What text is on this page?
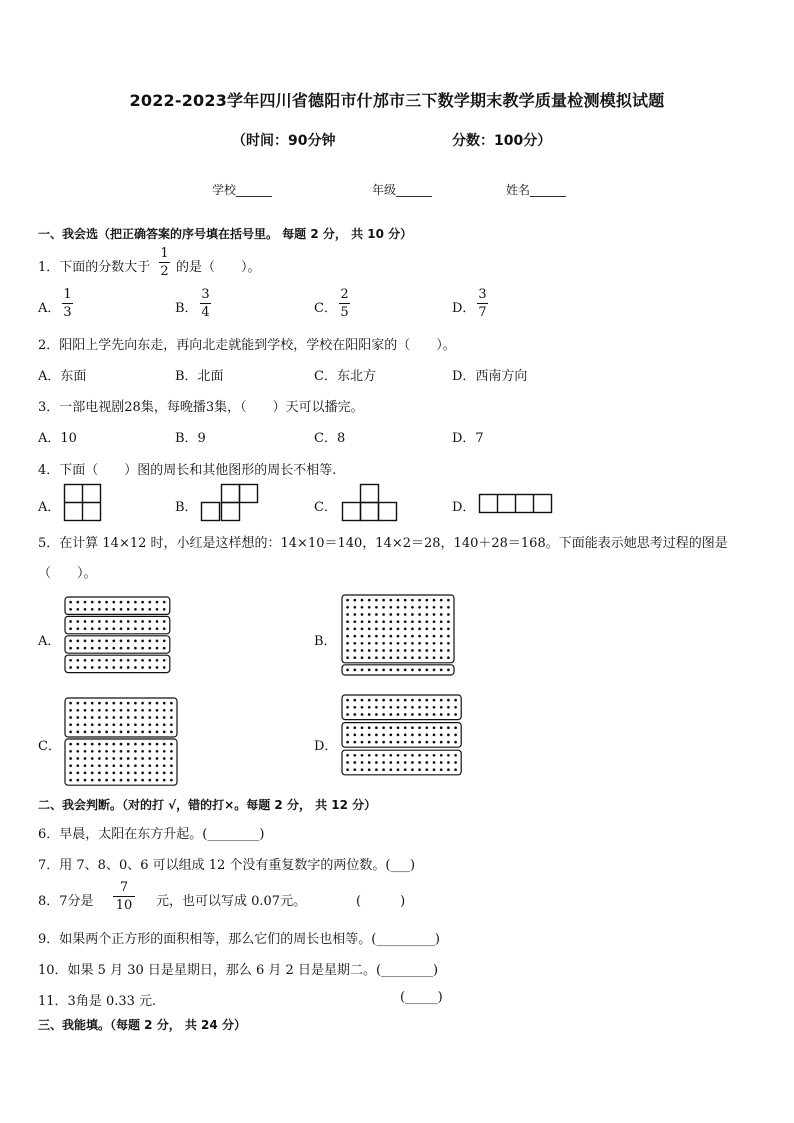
2022-2023学年四川省德阳市什邡市三下数学期末教学质量检测模拟试题
（时间：90分钟	分数：100分）
学校______	年级______	姓名______
一、我会选（把正确答案的序号填在括号里。 每题 2 分， 共 10 分）
1．下面的分数大于
1
2 的是（　　）。
A．
1
3	B．
3
4	C．
2
5	D．
3
7
2．阳阳上学先向东走，再向北走就能到学校，学校在阳阳家的（　　）。
A．东面	B．北面	C．东北方	D．西南方向
3．一部电视剧28集，每晚播3集，（　　）天可以播完。
A．10	B．9	C．8	D．7
4．下面（　　）图的周长和其他图形的周长不相等.
A．	B．	C．	D．
5．在计算 14×12 时，小红是这样想的：14×10＝140，14×2＝28，140＋28＝168。下面能表示她思考过程的图是
（　　）。
A．	B．
C．	D．
二、我会判断。（对的打 √，错的打×。每题 2 分， 共 12 分）
6．早晨，太阳在东方升起。(________)
7．用 7、8、0、6 可以组成 12 个没有重复数字的两位数。(___)
8．7分是
7
10 元，也可以写成 0.07元。	(　　　)
9．如果两个正方形的面积相等，那么它们的周长也相等。(_________)
10．如果 5 月 30 日是星期日，那么 6 月 2 日是星期二。(________)
11．3角是 0.33 元.	(_____)
三、我能填。（每题 2 分， 共 24 分）
